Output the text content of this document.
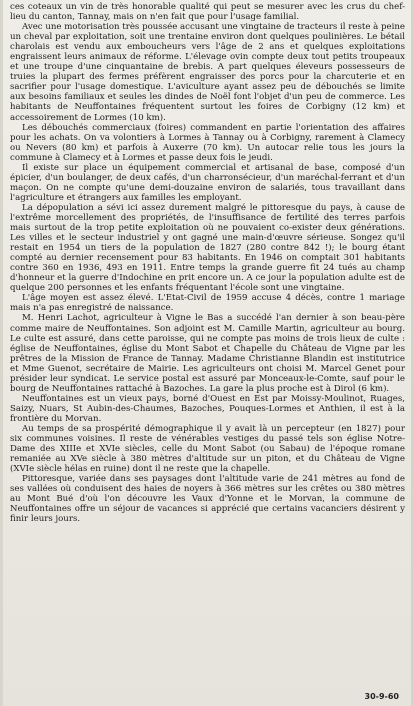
ces coteaux un vin de très honorable qualité qui peut se mesurer avec les crus du chef-lieu du canton, Tannay, mais on n'en fait que pour l'usage familial.

Avec une motorisation très poussée accusant une vingtaine de tracteurs il reste à peine un cheval par exploitation, soit une trentaine environ dont quelques poulinières. Le bétail charolais est vendu aux emboucheurs vers l'âge de 2 ans et quelques exploitations engraissent leurs animaux de réforme. L'élevage ovin compte deux tout petits troupeaux et une troupe d'une cinquantaine de brebis. A part quelques éleveurs possesseurs de truies la plupart des fermes préfèrent engraisser des porcs pour la charcuterie et en sacrifier pour l'usage domestique. L'aviculture ayant assez peu de débouchés se limite aux besoins familiaux et seules les dindes de Noël font l'objet d'un peu de commerce. Les habitants de Neuffontaines fréquentent surtout les foires de Corbigny (12 km) et accessoirement de Lormes (10 km).

Les débouchés commerciaux (foires) commandent en partie l'orientation des affaires pour les achats. On va volontiers à Lormes à Tannay ou à Corbigny, rarement à Clamecy ou Nevers (80 km) et parfois à Auxerre (70 km). Un autocar relie tous les jours la commune à Clamecy et à Lormes et passe deux fois le jeudi.

Il existe sur place un équipement commercial et artisanal de base, composé d'un épicier, d'un boulanger, de deux cafés, d'un charronsécieur, d'un maréchal-ferrant et d'un maçon. On ne compte qu'une demi-douzaine environ de salariés, tous travaillant dans l'agriculture et étrangers aux familles les employant.

La dépopulation a sévi ici assez durement malgré le pittoresque du pays, à cause de l'extrême morcellement des propriétés, de l'insuffisance de fertilité des terres parfois mais surtout de la trop petite exploitation où ne pouvaient co-exister deux générations. Les villes et le secteur industriel y ont gagné une main-d'œuvre sérieuse. Songez qu'il restait en 1954 un tiers de la population de 1827 (280 contre 842 !); le bourg étant compté au dernier recensement pour 83 habitants. En 1946 on comptait 301 habitants contre 360 en 1936, 493 en 1911. Entre temps la grande guerre fit 24 tués au champ d'honneur et la guerre d'Indochine en prit encore un. A ce jour la population adulte est de quelque 200 personnes et les enfants fréquentant l'école sont une vingtaine.

L'âge moyen est assez élevé. L'Etat-Civil de 1959 accuse 4 décès, contre 1 mariage mais n'a pas enregistré de naissance.

M. Henri Lachot, agriculteur à Vigne le Bas a succédé l'an dernier à son beau-père comme maire de Neuffontaines. Son adjoint est M. Camille Martin, agriculteur au bourg. Le culte est assuré, dans cette paroisse, qui ne compte pas moins de trois lieux de culte : église de Neuffontaines, église du Mont Sabot et Chapelle du Château de Vigne par les prêtres de la Mission de France de Tannay. Madame Christianne Blandin est institutrice et Mme Guenot, secrétaire de Mairie. Les agriculteurs ont choisi M. Marcel Genet pour présider leur syndicat. Le service postal est assuré par Monceaux-le-Comte, sauf pour le bourg de Neuffontaines rattaché à Bazoches. La gare la plus proche est à Dirol (6 km).

Neuffontaines est un vieux pays, borné d'Ouest en Est par Moissy-Moulinot, Ruages, Saizy, Nuars, St Aubin-des-Chaumes, Bazoches, Pouques-Lormes et Anthien, il est à la frontière du Morvan.

Au temps de sa prospérité démographique il y avait là un percepteur (en 1827) pour six communes voisines. Il reste de vénérables vestiges du passé tels son église Notre-Dame des XIIIe et XVIe siècles, celle du Mont Sabot (ou Sabau) de l'époque romane remaniée au XVe siècle à 380 mètres d'altitude sur un piton, et du Château de Vigne (XVIe siècle hélas en ruine) dont il ne reste que la chapelle.

Pittoresque, variée dans ses paysages dont l'altitude varie de 241 mètres au fond de ses vallées où conduisent des haies de noyers à 366 mètres sur les crêtes ou 380 mètres au Mont Bué d'où l'on découvre les Vaux d'Yonne et le Morvan, la commune de Neuffontaines offre un séjour de vacances si apprécié que certains vacanciers désirent y finir leurs jours.

30-9-60
